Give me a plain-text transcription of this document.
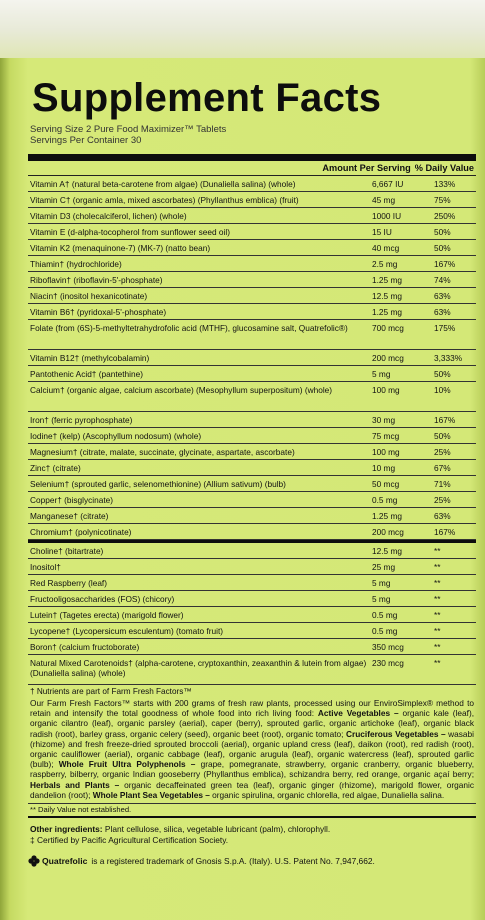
Supplement Facts
Serving Size 2 Pure Food Maximizer™ Tablets
Servings Per Container 30
Amount Per Serving % Daily Value
Vitamin A† (natural beta-carotene from algae) (Dunaliella salina) (whole)	6,667 IU	133%
Vitamin C† (organic amla, mixed ascorbates) (Phyllanthus emblica) (fruit)	45 mg	75%
Vitamin D3 (cholecalciferol, lichen) (whole)	1000 IU	250%
Vitamin E (d-alpha-tocopherol from sunflower seed oil)	15 IU	50%
Vitamin K2 (menaquinone-7) (MK-7) (natto bean)	40 mcg	50%
Thiamin† (hydrochloride)	2.5 mg	167%
Riboflavin† (riboflavin-5'-phosphate)	1.25 mg	74%
Niacin† (inositol hexanicotinate)	12.5 mg	63%
Vitamin B6† (pyridoxal-5'-phosphate)	1.25 mg	63%
Folate (from (6S)-5-methyltetrahydrofolic acid (MTHF), glucosamine salt, Quatrefolic®)	700 mcg	175%
Vitamin B12† (methylcobalamin)	200 mcg	3,333%
Pantothenic Acid† (pantethine)	5 mg	50%
Calcium† (organic algae, calcium ascorbate) (Mesophyllum superpositum) (whole)	100 mg	10%
Iron† (ferric pyrophosphate)	30 mg	167%
Iodine† (kelp) (Ascophyllum nodosum) (whole)	75 mcg	50%
Magnesium† (citrate, malate, succinate, glycinate, aspartate, ascorbate)	100 mg	25%
Zinc† (citrate)	10 mg	67%
Selenium† (sprouted garlic, selenomethionine) (Allium sativum) (bulb)	50 mcg	71%
Copper† (bisglycinate)	0.5 mg	25%
Manganese† (citrate)	1.25 mg	63%
Chromium† (polynicotinate)	200 mcg	167%
Choline† (bitartrate)	12.5 mg	**
Inositol†	25 mg	**
Red Raspberry (leaf)	5 mg	**
Fructooligosaccharides (FOS) (chicory)	5 mg	**
Lutein† (Tagetes erecta) (marigold flower)	0.5 mg	**
Lycopene† (Lycopersicum esculentum) (tomato fruit)	0.5 mg	**
Boron† (calcium fructoborate)	350 mcg	**
Natural Mixed Carotenoids† (alpha-carotene, cryptoxanthin, zeaxanthin & lutein from algae) (Dunaliella salina) (whole)
230 mcg	**
† Nutrients are part of Farm Fresh Factors™
Our Farm Fresh Factors™ starts with 200 grams of fresh raw plants, processed using our EnviroSimplex® method to retain and intensify the total goodness of whole food into rich living food: Active Vegetables – organic kale (leaf), organic cilantro (leaf), organic parsley (aerial), caper (berry), sprouted garlic, organic artichoke (leaf), organic black radish (root), barley grass, organic celery (seed), organic beet (root), organic tomato; Cruciferous Vegetables – wasabi (rhizome) and fresh freeze-dried sprouted broccoli (aerial), organic upland cress (leaf), daikon (root), red radish (root), organic cauliflower (aerial), organic cabbage (leaf), organic arugula (leaf), organic watercress (leaf), sprouted garlic (bulb); Whole Fruit Ultra Polyphenols – grape, pomegranate, strawberry, organic cranberry, organic blueberry, raspberry, bilberry, organic Indian gooseberry (Phyllanthus emblica), schizandra berry, red orange, organic açaí berry; Herbals and Plants – organic decaffeinated green tea (leaf), organic ginger (rhizome), marigold flower, organic dandelion (root); Whole Plant Sea Vegetables – organic spirulina, organic chlorella, red algae, Dunaliella salina.
** Daily Value not established.
Other ingredients: Plant cellulose, silica, vegetable lubricant (palm), chlorophyll.
‡ Certified by Pacific Agricultural Certification Society.
Quatrefolic is a registered trademark of Gnosis S.p.A. (Italy). U.S. Patent No. 7,947,662.
